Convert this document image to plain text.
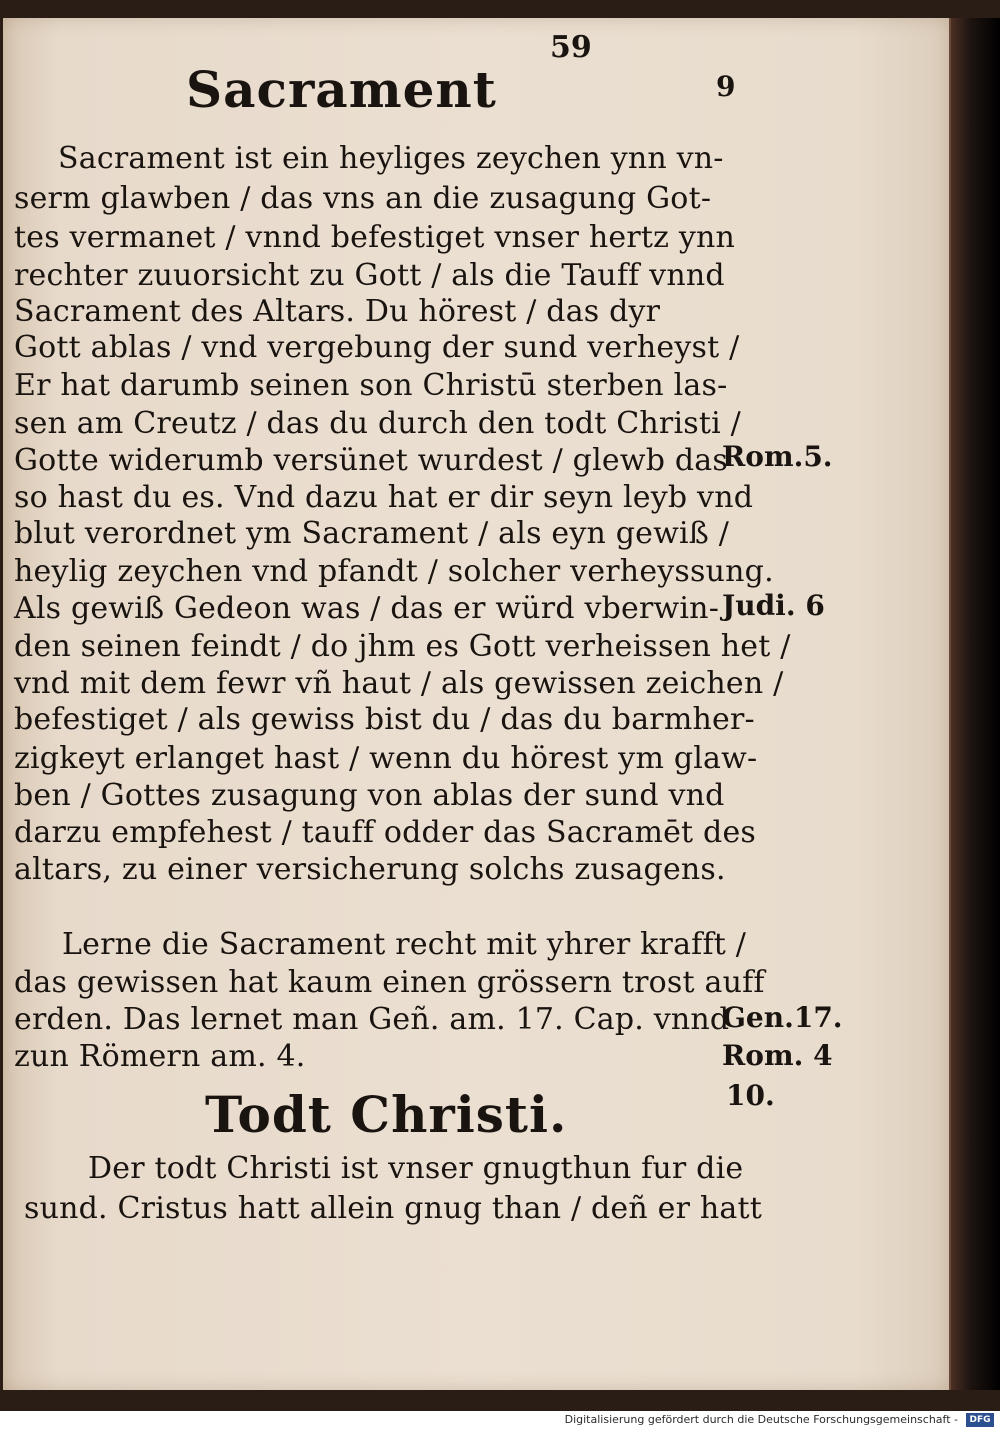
59
9
Sacrament
Sacrament ist ein heyliges zeychen ynn vn-
serm glawben / das vns an die zusagung Got-
tes vermanet / vnnd befestiget vnser hertz ynn
rechter zuuorsicht zu Gott / als die Tauff vnnd
Sacrament des Altars. Du hörest / das dyr
Gott ablas / vnd vergebung der sund verheyst /
Er hat darumb seinen son Christū sterben las-
sen am Creutz / das du durch den todt Christi /
Gotte widerumb versünet wurdest / glewb das
so hast du es. Vnd dazu hat er dir seyn leyb vnd
blut verordnet ym Sacrament / als eyn gewiß /
heylig zeychen vnd pfandt / solcher verheyssung.
Als gewiß Gedeon was / das er würd vberwin-
den seinen feindt / do jhm es Gott verheissen het /
vnd mit dem fewr vñ haut / als gewissen zeichen /
befestiget / als gewiss bist du / das du barmher-
zigkeyt erlanget hast / wenn du hörest ym glaw-
ben / Gottes zusagung von ablas der sund vnd
darzu empfehest / tauff odder das Sacramēt des
altars, zu einer versicherung solchs zusagens.
Lerne die Sacrament recht mit yhrer krafft /
das gewissen hat kaum einen grössern trost auff
erden. Das lernet man Geñ. am. 17. Cap. vnnd
zun Römern am. 4.
Todt Christi.
Der todt Christi ist vnser gnugthun fur die
sund. Cristus hatt allein gnug than / deñ er hatt
Rom.5.
Judi. 6
Gen.17.
Rom. 4
10.
Digitalisierung gefördert durch die Deutsche Forschungsgemeinschaft -	DFG
